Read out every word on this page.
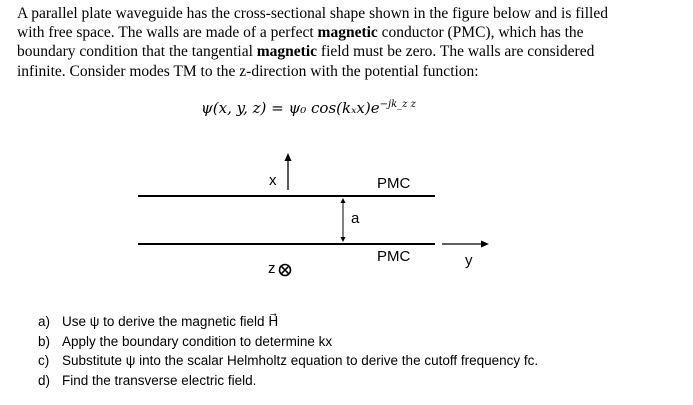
A parallel plate waveguide has the cross-sectional shape shown in the figure below and is filled with free space. The walls are made of a perfect magnetic conductor (PMC), which has the boundary condition that the tangential magnetic field must be zero. The walls are considered infinite. Consider modes TM to the z-direction with the potential function:
ψ(x, y, z) = ψ₀ $\cos(k_xx)e^{-jk\_z z}$
x
a
PMC
PMC	y
z
a) Use ψ to derive the magnetic field H⃗
b) Apply the boundary condition to determine kx
c) Substitute ψ into the scalar Helmholtz equation to derive the cutoff frequency fc.
d) Find the transverse electric field.
